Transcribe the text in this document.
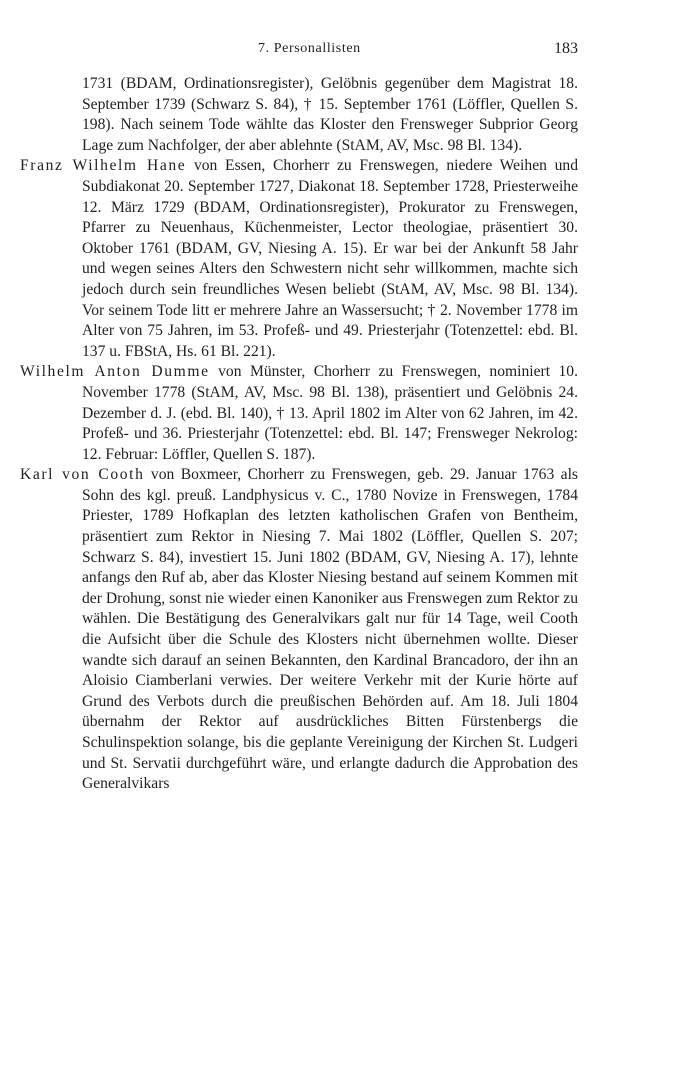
7. Personallisten	183

1731 (BDAM, Ordinationsregister), Gelöbnis gegenüber dem Magistrat 18. September 1739 (Schwarz S. 84), † 15. September 1761 (Löffler, Quellen S. 198). Nach seinem Tode wählte das Kloster den Frensweger Subprior Georg Lage zum Nachfolger, der aber ablehnte (StAM, AV, Msc. 98 Bl. 134).

Franz Wilhelm Hane von Essen, Chorherr zu Frenswegen, niedere Weihen und Subdiakonat 20. September 1727, Diakonat 18. September 1728, Priesterweihe 12. März 1729 (BDAM, Ordinationsregister), Prokurator zu Frenswegen, Pfarrer zu Neuenhaus, Küchenmeister, Lector theologiae, präsentiert 30. Oktober 1761 (BDAM, GV, Niesing A. 15). Er war bei der Ankunft 58 Jahr und wegen seines Alters den Schwestern nicht sehr willkommen, machte sich jedoch durch sein freundliches Wesen beliebt (StAM, AV, Msc. 98 Bl. 134). Vor seinem Tode litt er mehrere Jahre an Wassersucht; † 2. November 1778 im Alter von 75 Jahren, im 53. Profeß- und 49. Priesterjahr (Totenzettel: ebd. Bl. 137 u. FBStA, Hs. 61 Bl. 221).

Wilhelm Anton Dumme von Münster, Chorherr zu Frenswegen, nominiert 10. November 1778 (StAM, AV, Msc. 98 Bl. 138), präsentiert und Gelöbnis 24. Dezember d. J. (ebd. Bl. 140), † 13. April 1802 im Alter von 62 Jahren, im 42. Profeß- und 36. Priesterjahr (Totenzettel: ebd. Bl. 147; Frensweger Nekrolog: 12. Februar: Löffler, Quellen S. 187).

Karl von Cooth von Boxmeer, Chorherr zu Frenswegen, geb. 29. Januar 1763 als Sohn des kgl. preuß. Landphysicus v. C., 1780 Novize in Frenswegen, 1784 Priester, 1789 Hofkaplan des letzten katholischen Grafen von Bentheim, präsentiert zum Rektor in Niesing 7. Mai 1802 (Löffler, Quellen S. 207; Schwarz S. 84), investiert 15. Juni 1802 (BDAM, GV, Niesing A. 17), lehnte anfangs den Ruf ab, aber das Kloster Niesing bestand auf seinem Kommen mit der Drohung, sonst nie wieder einen Kanoniker aus Frenswegen zum Rektor zu wählen. Die Bestätigung des Generalvikars galt nur für 14 Tage, weil Cooth die Aufsicht über die Schule des Klosters nicht übernehmen wollte. Dieser wandte sich darauf an seinen Bekannten, den Kardinal Brancadoro, der ihn an Aloisio Ciamberlani verwies. Der weitere Verkehr mit der Kurie hörte auf Grund des Verbots durch die preußischen Behörden auf. Am 18. Juli 1804 übernahm der Rektor auf ausdrückliches Bitten Fürstenbergs die Schulinspektion solange, bis die geplante Vereinigung der Kirchen St. Ludgeri und St. Servatii durchgeführt wäre, und erlangte dadurch die Approbation des Generalvikars
